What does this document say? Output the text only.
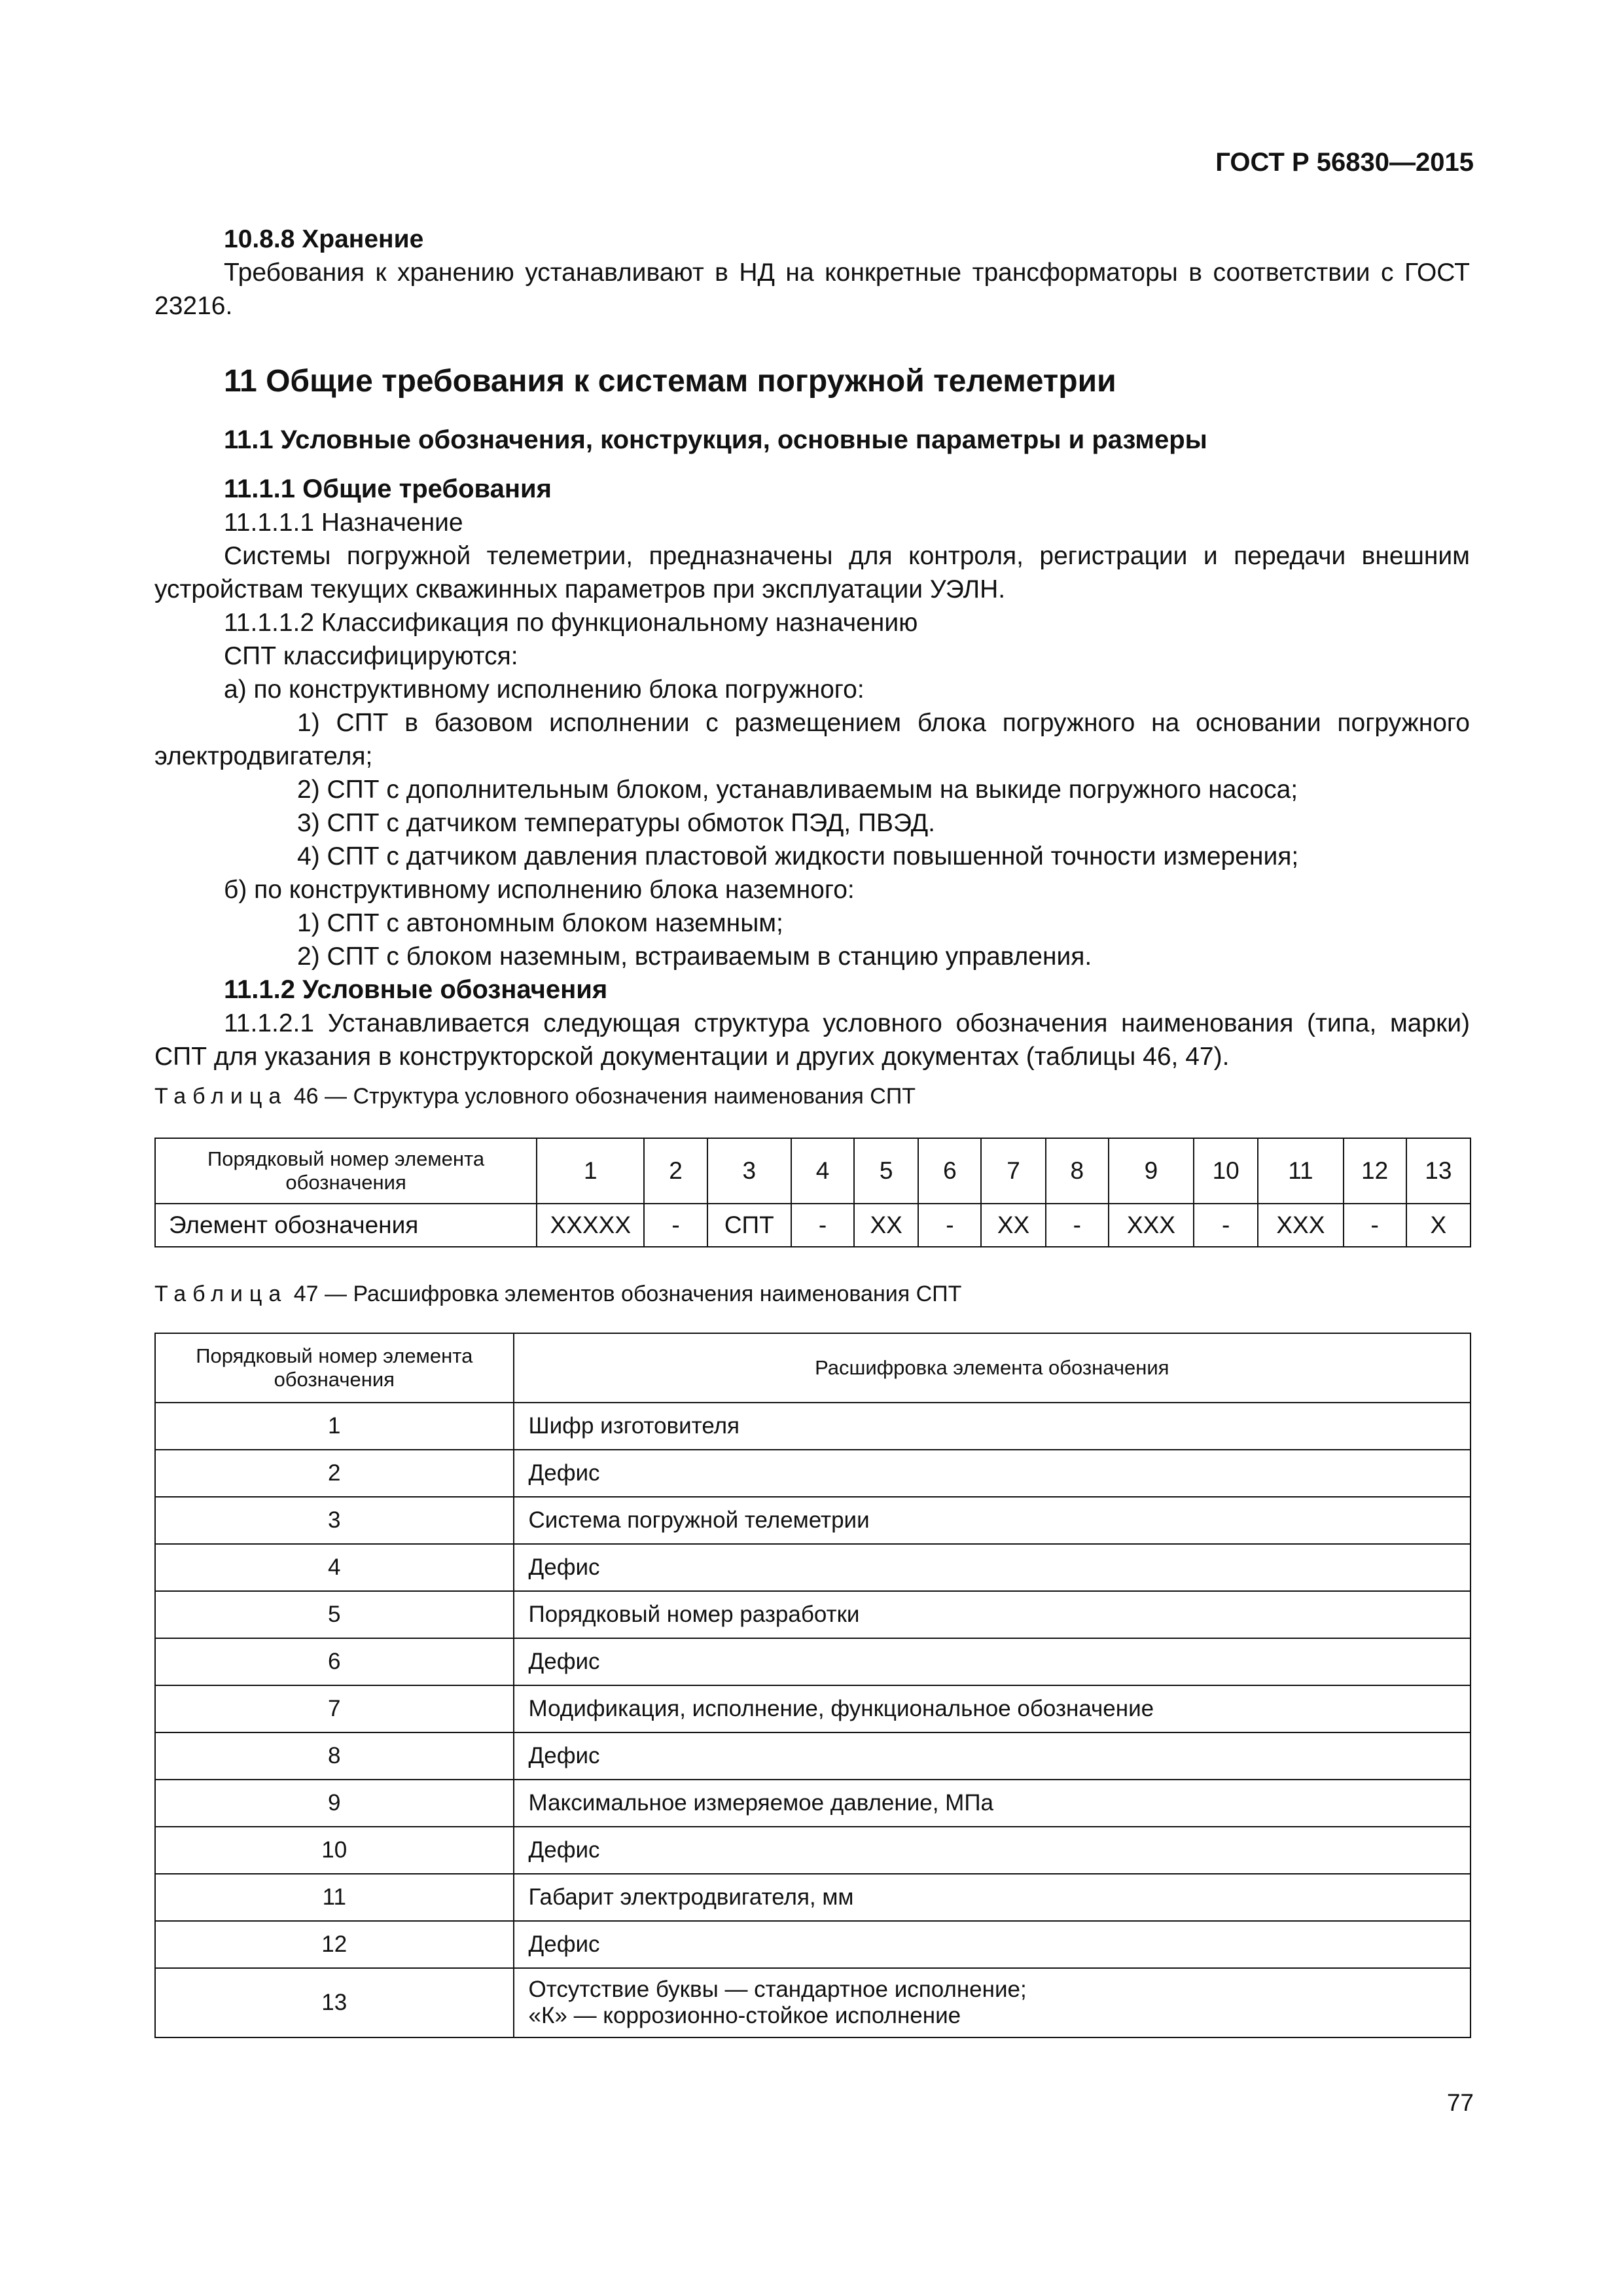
ГОСТ Р 56830—2015

10.8.8 Хранение

Требования к хранению устанавливают в НД на конкретные трансформаторы в соответствии с ГОСТ 23216.

11 Общие требования к системам погружной телеметрии
11.1 Условные обозначения, конструкция, основные параметры и размеры

11.1.1 Общие требования

11.1.1.1 Назначение

Системы погружной телеметрии, предназначены для контроля, регистрации и передачи внешним устройствам текущих скважинных параметров при эксплуатации УЭЛН.

11.1.1.2 Классификация по функциональному назначению

СПТ классифицируются:

а) по конструктивному исполнению блока погружного:

1) СПТ в базовом исполнении с размещением блока погружного на основании погружного электродвигателя;

2) СПТ с дополнительным блоком, устанавливаемым на выкиде погружного насоса;

3) СПТ с датчиком температуры обмоток ПЭД, ПВЭД.

4) СПТ с датчиком давления пластовой жидкости повышенной точности измерения;

б) по конструктивному исполнению блока наземного:

1) СПТ с автономным блоком наземным;

2) СПТ с блоком наземным, встраиваемым в станцию управления.

11.1.2 Условные обозначения

11.1.2.1 Устанавливается следующая структура условного обозначения наименования (типа, марки) СПТ для указания в конструкторской документации и других документах (таблицы 46, 47).

Таблица 46 — Структура условного обозначения наименования СПТ
Порядковый номер элемента обозначения	1	2	3	4	5	6	7	8	9	10	11	12	13
Элемент обозначения	XXXXX	-	СПТ	-	XX	-	XX	-	XXX	-	XXX	-	X
Таблица 47 — Расшифровка элементов обозначения наименования СПТ
Порядковый номер элемента обозначения	Расшифровка элемента обозначения
1	Шифр изготовителя
2	Дефис
3	Система погружной телеметрии
4	Дефис
5	Порядковый номер разработки
6	Дефис
7	Модификация, исполнение, функциональное обозначение
8	Дефис
9	Максимальное измеряемое давление, МПа
10	Дефис
11	Габарит электродвигателя, мм
12	Дефис
13	Отсутствие буквы — стандартное исполнение;
«К» — коррозионно-стойкое исполнение
77
